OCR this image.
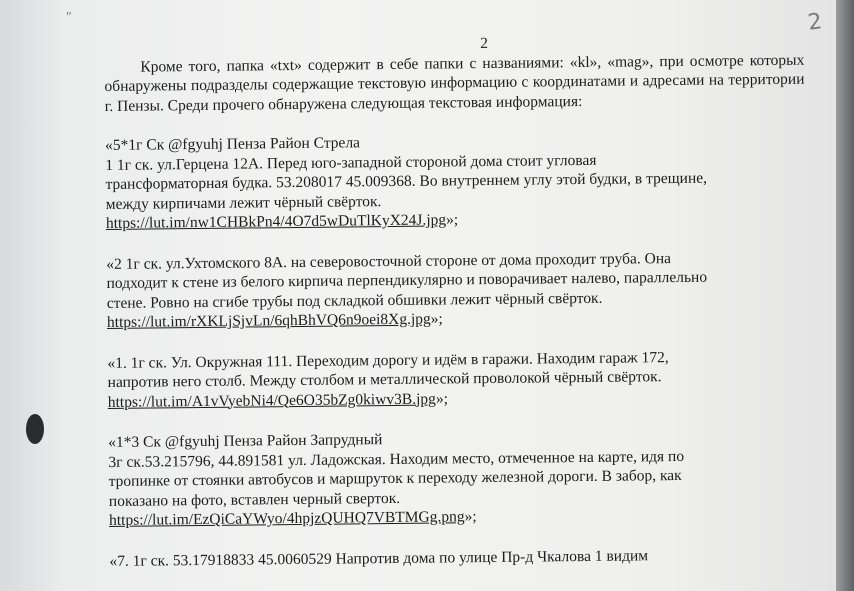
″	2
2

Кроме того, папка «txt» содержит в себе папки с названиями: «kl», «mag», при осмотре которых обнаружены подразделы содержащие текстовую информацию с координатами и адресами на территории г. Пензы. Среди прочего обнаружена следующая текстовая информация:

«5*1г Ск @fgyuhj Пенза Район Стрела
1 1г ск. ул.Герцена 12А. Перед юго-западной стороной дома стоит угловая
трансформаторная будка. 53.208017 45.009368. Во внутреннем углу этой будки, в трещине,
между кирпичами лежит чёрный свёрток.
https://lut.im/nw1CHBkPn4/4O7d5wDuTlKyX24J.jpg»;
«2 1г ск. ул.Ухтомского 8А. на северовосточной стороне от дома проходит труба. Она
подходит к стене из белого кирпича перпендикулярно и поворачивает налево, параллельно
стене. Ровно на сгибе трубы под складкой обшивки лежит чёрный свёрток.
https://lut.im/rXKLjSjvLn/6qhBhVQ6n9oei8Xg.jpg»;
«1. 1г ск. Ул. Окружная 111. Переходим дорогу и идём в гаражи. Находим гараж 172,
напротив него столб. Между столбом и металлической проволокой чёрный свёрток.
https://lut.im/A1vVyebNi4/Qe6O35bZg0kiwv3B.jpg»;
«1*3 Ск @fgyuhj Пенза Район Запрудный
3г ск.53.215796, 44.891581 ул. Ладожская. Находим место, отмеченное на карте, идя по
тропинке от стоянки автобусов и маршруток к переходу железной дороги. В забор, как
показано на фото, вставлен черный сверток.
https://lut.im/EzQiCaYWyo/4hpjzQUHQ7VBTMGg.png»;
«7. 1г ск. 53.17918833 45.0060529 Напротив дома по улице Пр-д Чкалова 1 видим
